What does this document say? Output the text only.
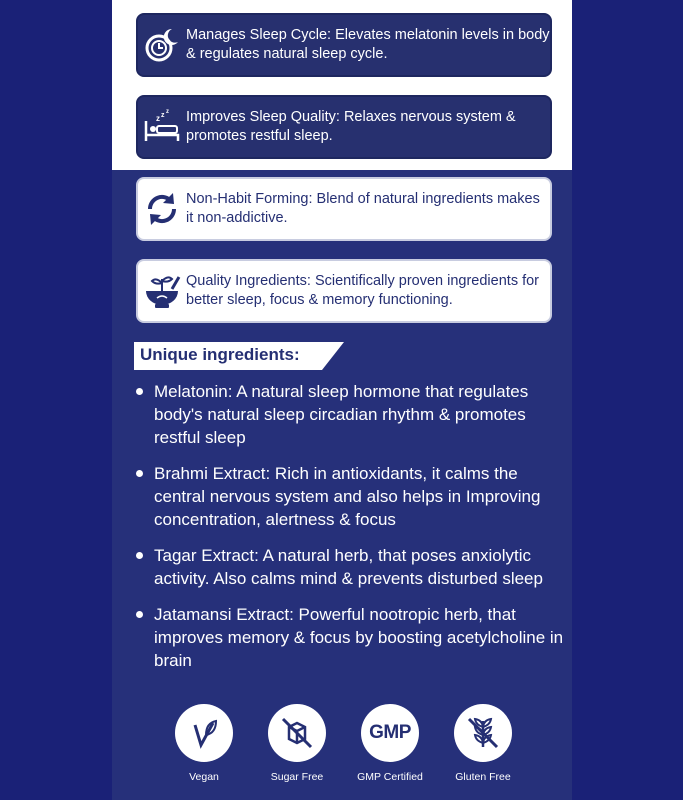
Manages Sleep Cycle: Elevates melatonin levels in body & regulates natural sleep cycle.
z z z Improves Sleep Quality: Relaxes nervous system & promotes restful sleep.
Non-Habit Forming: Blend of natural ingredients makes it non-addictive.
Quality Ingredients: Scientifically proven ingredients for better sleep, focus & memory functioning.
Unique ingredients:
Melatonin: A natural sleep hormone that regulates body's natural sleep circadian rhythm & promotes restful sleep
Brahmi Extract: Rich in antioxidants, it calms the central nervous system and also helps in Improving concentration, alertness & focus
Tagar Extract: A natural herb, that poses anxiolytic activity. Also calms mind & prevents disturbed sleep
Jatamansi Extract: Powerful nootropic herb, that improves memory & focus by boosting acetylcholine in brain
Vegan	Sugar Free
GMP
GMP Certified	Gluten Free
